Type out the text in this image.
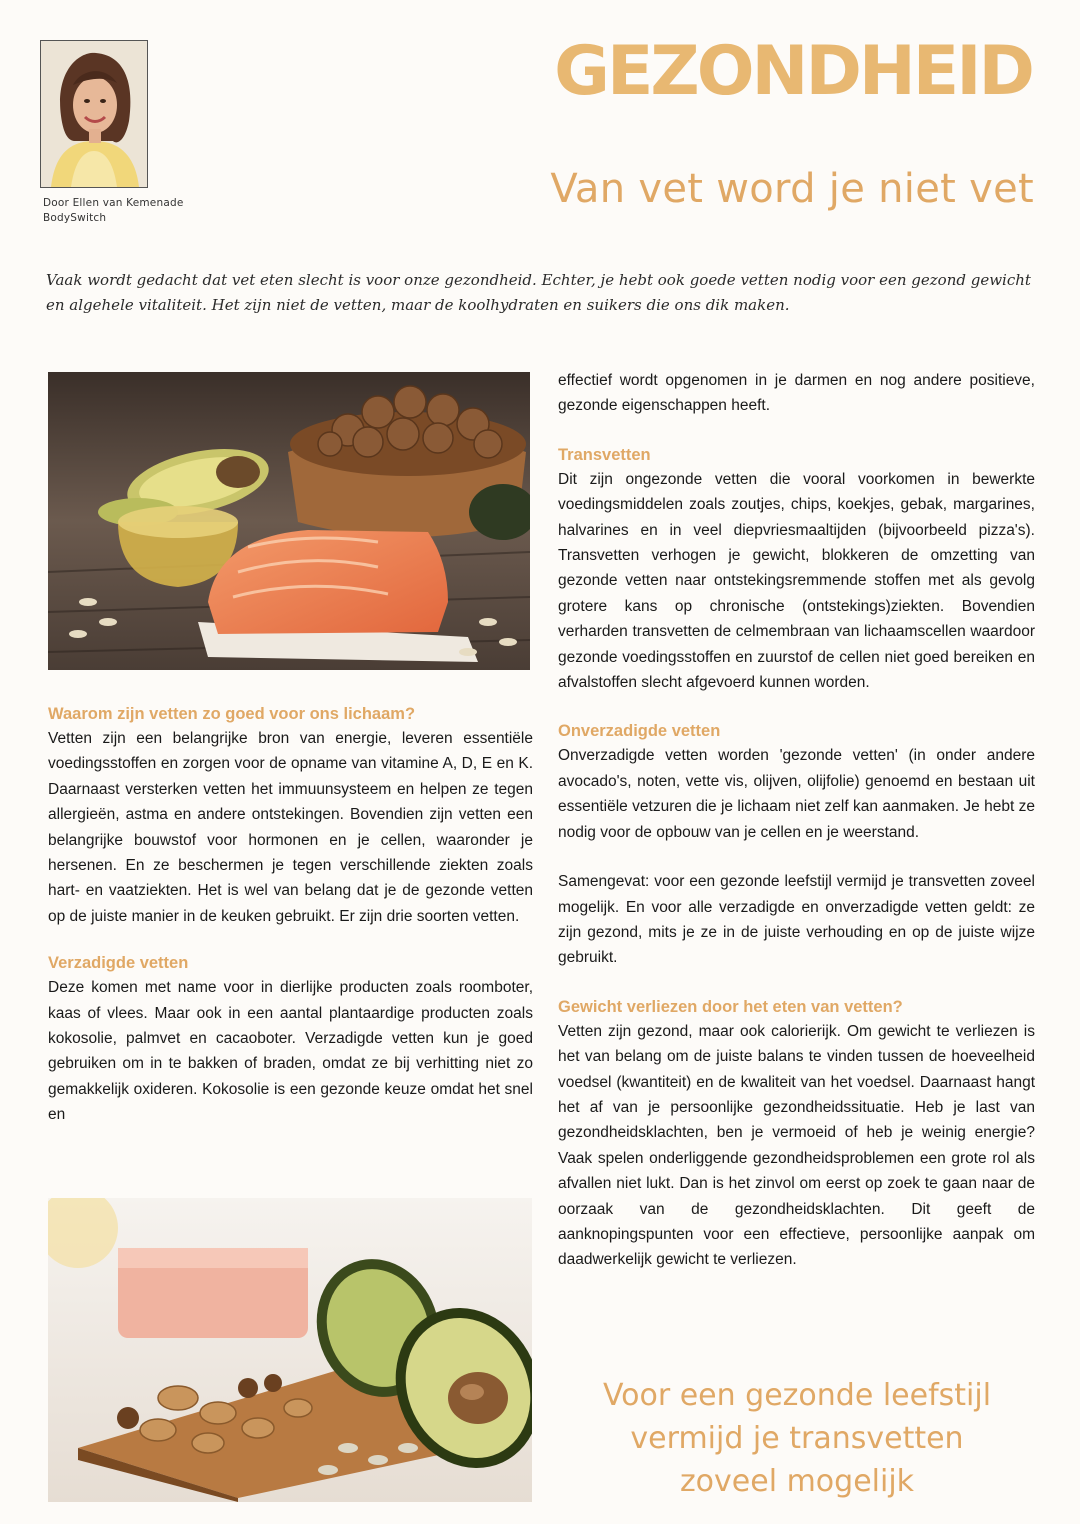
Door Ellen van Kemenade
BodySwitch
GEZONDHEID
Van vet word je niet vet

Vaak wordt gedacht dat vet eten slecht is voor onze gezondheid. Echter, je hebt ook goede vetten nodig voor een gezond gewicht en algehele vitaliteit. Het zijn niet de vetten, maar de koolhydraten en suikers die ons dik maken.

Waarom zijn vetten zo goed voor ons lichaam?

Vetten zijn een belangrijke bron van energie, leveren essentiële voedingsstoffen en zorgen voor de opname van vitamine A, D, E en K. Daarnaast versterken vetten het immuunsysteem en helpen ze tegen allergieën, astma en andere ontstekingen. Bovendien zijn vetten een belangrijke bouwstof voor hormonen en je cellen, waaronder je hersenen. En ze beschermen je tegen verschillende ziekten zoals hart- en vaatziekten. Het is wel van belang dat je de gezonde vetten op de juiste manier in de keuken gebruikt. Er zijn drie soorten vetten.

Verzadigde vetten

Deze komen met name voor in dierlijke producten zoals roomboter, kaas of vlees. Maar ook in een aantal plantaardige producten zoals kokosolie, palmvet en cacaoboter. Verzadigde vetten kun je goed gebruiken om in te bakken of braden, omdat ze bij verhitting niet zo gemakkelijk oxideren. Kokosolie is een gezonde keuze omdat het snel en

effectief wordt opgenomen in je darmen en nog andere positieve, gezonde eigenschappen heeft.

Transvetten

Dit zijn ongezonde vetten die vooral voorkomen in bewerkte voedingsmiddelen zoals zoutjes, chips, koekjes, gebak, margarines, halvarines en in veel diepvriesmaaltijden (bijvoorbeeld pizza's). Transvetten verhogen je gewicht, blokkeren de omzetting van gezonde vetten naar ontstekingsremmende stoffen met als gevolg grotere kans op chronische (ontstekings)ziekten. Bovendien verharden transvetten de celmembraan van lichaamscellen waardoor gezonde voedingsstoffen en zuurstof de cellen niet goed bereiken en afvalstoffen slecht afgevoerd kunnen worden.

Onverzadigde vetten

Onverzadigde vetten worden 'gezonde vetten' (in onder andere avocado's, noten, vette vis, olijven, olijfolie) genoemd en bestaan uit essentiële vetzuren die je lichaam niet zelf kan aanmaken. Je hebt ze nodig voor de opbouw van je cellen en je weerstand.

Samengevat: voor een gezonde leefstijl vermijd je transvetten zoveel mogelijk. En voor alle verzadigde en onverzadigde vetten geldt: ze zijn gezond, mits je ze in de juiste verhouding en op de juiste wijze gebruikt.

Gewicht verliezen door het eten van vetten?

Vetten zijn gezond, maar ook calorierijk. Om gewicht te verliezen is het van belang om de juiste balans te vinden tussen de hoeveelheid voedsel (kwantiteit) en de kwaliteit van het voedsel. Daarnaast hangt het af van je persoonlijke gezondheidssituatie. Heb je last van gezondheidsklachten, ben je vermoeid of heb je weinig energie? Vaak spelen onderliggende gezondheidsproblemen een grote rol als afvallen niet lukt. Dan is het zinvol om eerst op zoek te gaan naar de oorzaak van de gezondheidsklachten. Dit geeft de aanknopingspunten voor een effectieve, persoonlijke aanpak om daadwerkelijk gewicht te verliezen.

Voor een gezonde leefstijl
vermijd je transvetten
zoveel mogelijk
